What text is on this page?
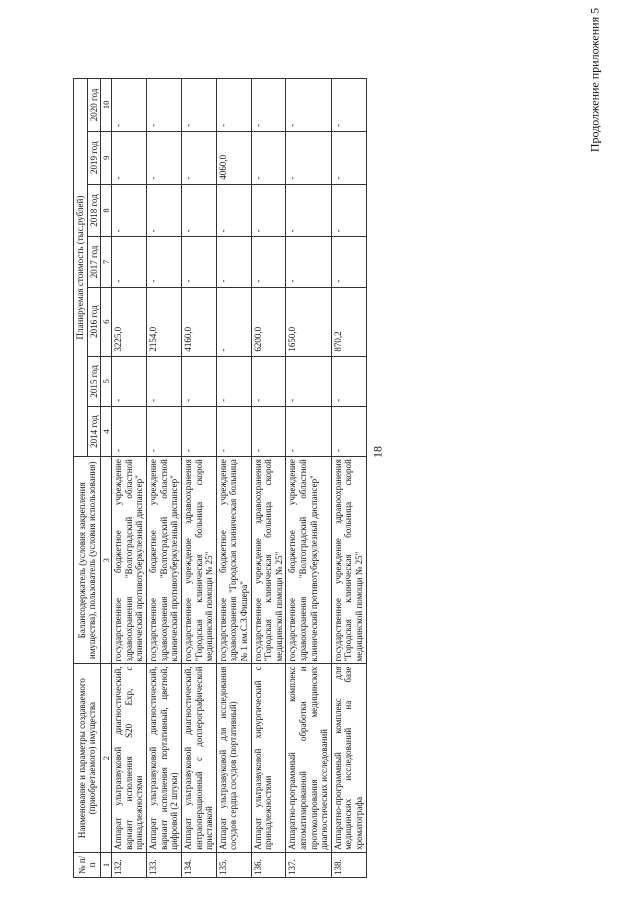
18
Продолжение приложения 5
№ п/п	Наименование и параметры создаваемого (приобретаемого) имущества	Балансодержатель (условия закрепления имущества), пользователь (условия использования)	Планируемая стоимость (тыс.рублей)						
			2014 год	2015 год	2016 год	2017 год	2018 год	2019 год	2020 год
1	2	3	4	5	6	7	8	9	10
132.	Аппарат ультразвуковой диагностический, вариант исполнения S20 Exp, с принадлежностями	государственное бюджетное учреждение здравоохранения "Волгоградский областной клинический противотуберкулезный диспансер"	-	-	3225,0	-	-	-	-
133.	Аппарат ультразвуковой диагностический, вариант исполнения портативный, цветной, цифровой (2 штуки)	государственное бюджетное учреждение здравоохранения "Волгоградский областной клинический противотуберкулезный диспансер"	-	-	2154,0	-	-	-	-
134.	Аппарат ультразвуковой диагностический, интраоперационный с доплерографической приставкой	государственное учреждение здравоохранения "Городская клиническая больница скорой медицинской помощи № 25"	-	-	4160,0	-	-	-	-
135.	Аппарат ультразвуковой для исследования сосудов сердца сосудов (портативный)	государственное бюджетное учреждение здравоохранения "Городская клиническая больница № 1 им.С.З.Фишера"	-	-	-	-	-	4060,0	-
136.	Аппарат ультразвуковой хирургический с принадлежностями	государственное учреждение здравоохранения "Городская клиническая больница скорой медицинской помощи № 25"	-	-	6200,0	-	-	-	-
137.	Аппаратно-программный комплекс автоматизированной обработки и протоколирования медицинских диагностических исследований	государственное бюджетное учреждение здравоохранения "Волгоградский областной клинический противотуберкулезный диспансер"	-	-	1650,0	-	-	-	-
138.	Аппаратно-программный комплекс для медицинских исследований на базе хроматографа	государственное учреждение здравоохранения "Городская клиническая больница скорой медицинской помощи № 25"	-	-	870,2	-	-	-	-
